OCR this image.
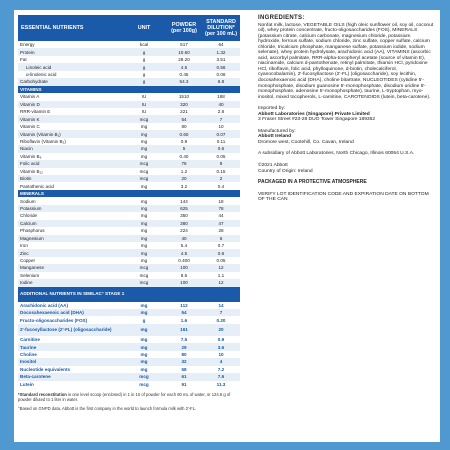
ESSENTIAL NUTRIENTS	UNIT	POWDER (per 100g)	STANDARD DILUTION* (per 100 mL)
Energy	kcal	517	64
Protein	g	10.60	1.32
Fat	g	28.20	3.51
Linoleic acid	g	4.5	0.56
α-linolenic acid	g	0.45	0.06
Carbohydrate	g	54.3	6.8
VITAMINS			
Vitamin A	IU	1510	188
Vitamin D	IU	320	40
RRR-vitamin E	IU	221	2.8
Vitamin K	mcg	54	7
Vitamin C	mg	80	10
Vitamin (Vitamin B₁)	mg	0.60	0.07
Riboflavin (Vitamin B₂)	mg	0.9	0.11
Niacin	mg	5	0.6
Vitamin B₆	mg	0.40	0.05
Folic acid	mcg	76	9
Vitamin B₁₂	mcg	1.2	0.15
Biotin	mcg	20	2
Pantothenic acid	mg	3.2	0.4
MINERALS			
Sodium	mg	144	18
Potassium	mg	625	78
Chloride	mg	350	44
Calcium	mg	380	47
Phosphorus	mg	224	28
Magnesium	mg	40	5
Iron	mg	5.4	0.7
Zinc	mg	4.5	0.6
Copper	mg	0.400	0.05
Manganese	mcg	100	12
Selenium	mcg	8.6	1.1
Iodine	mcg	100	12
ADDITIONAL NUTRIENTS IN SIMILAC° STAGE 1			
Arachidonic acid (AA)	mg	112	14
Docosahexaenoic acid (DHA)	mg	54	7
Fructo-oligosaccharides (FOS)	g	1.6	0.20
2'-fucosyllactose (2'-FL) (oligosaccharide)	mg	161	20
Carnitine	mg	7.5	0.9
Taurine	mg	29	3.6
Choline	mg	80	10
Inositol	mg	32	4
Nucleotide equivalents	mg	58	7.2
Beta-carotene	mcg	61	7.6
Lutein	mcg	91	11.3
*Standard reconstitution is one level scoop (enclosed) in 1 in 10 of powder for each 60 mL of water, or 124.6 g of powder diluted to 1 liter in water.
°Based on GNPD data, Abbott is the first company in the world to launch formula milk with 2'-FL.
INGREDIENTS:
Nonfat milk, lactose, VEGETABLE OILS (high oleic sunflower oil, soy oil, coconut oil), whey protein concentrate, fructo-oligosaccharides (FOS), MINERALS (potassium citrate, calcium carbonate, magnesium chloride, potassium hydroxide, ferrous sulfate, sodium chloride, zinc sulfate, copper sulfate, calcium chloride, tricalcium phosphate, manganese sulfate, potassium iodide, sodium selenate), whey protein hydrolysate, arachidonic acid (AA), VITAMINS (ascorbic acid, ascorbyl palmitate, RRR-alpha-tocopheryl acetate (source of vitamin E), niacinamide, calcium d-pantothenate, retinyl palmitate, thiamin HCl, pyridoxine HCl, riboflavin, folic acid, phylloquinone, d-biotin, cholecalciferol, cyanocobalamin), 2'-fucosyllactose (2'-FL) (oligosaccharide), soy lecithin, docosahexaenoic acid (DHA), choline bitartrate, NUCLEOTIDES (cytidine 5'-monophosphate, disodium guanosine 5'-monophosphate, disodium uridine 5'-monophosphate, adenosine 5'-monophosphate), taurine, L-tryptophan, myo-inositol, mixed tocopherols, L-carnitine, CAROTENOIDS (lutein, beta-carotene).
Imported by:
Abbott Laboratories (Singapore) Private Limited
3 Fraser Street #23-28 DUO Tower Singapore 189352
Manufactured by:
Abbott Ireland
Dromore west, Cootehill, Co. Cavan, Ireland
A subsidiary of Abbott Laboratories, North Chicago, Illinois 60064 U.S.A.
©2021 Abbott
Country of Origin: Ireland
PACKAGED IN A PROTECTIVE ATMOSPHERE
VERIFY LOT IDENTIFICATION CODE AND EXPIRATION DATE ON BOTTOM OF THE CAN
